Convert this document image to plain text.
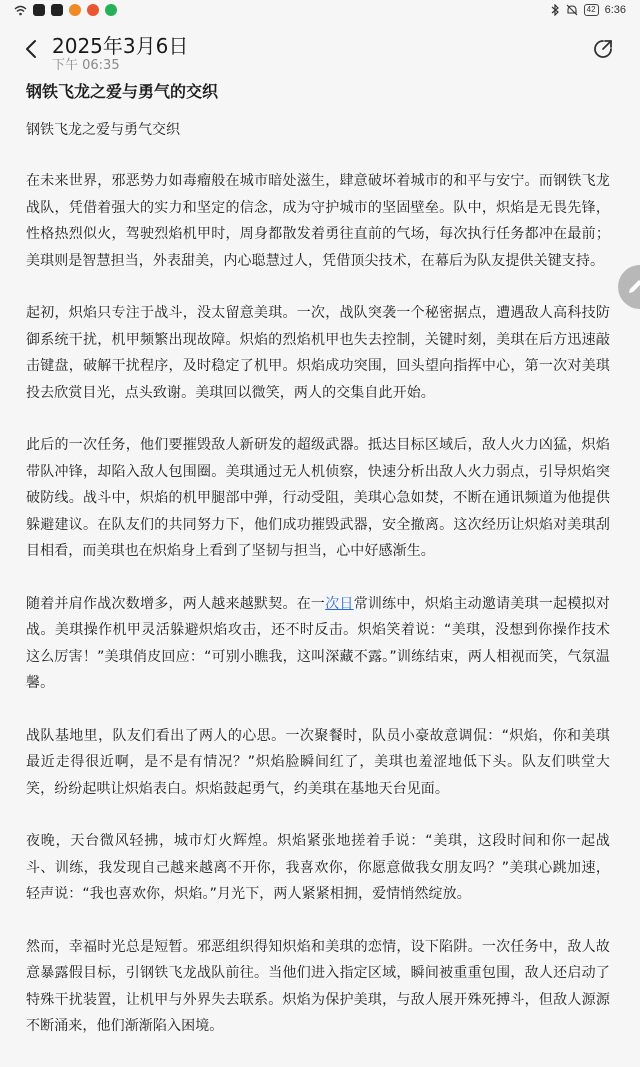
42 6:36
2025年3月6日
下午 06:35
钢铁飞龙之爱与勇气的交织
钢铁飞龙之爱与勇气交织

在未来世界，邪恶势力如毒瘤般在城市暗处滋生，肆意破坏着城市的和平与安宁。而钢铁飞龙战队，凭借着强大的实力和坚定的信念，成为守护城市的坚固壁垒。队中，炽焰是无畏先锋，性格热烈似火，驾驶烈焰机甲时，周身都散发着勇往直前的气场，每次执行任务都冲在最前；美琪则是智慧担当，外表甜美，内心聪慧过人，凭借顶尖技术，在幕后为队友提供关键支持。

起初，炽焰只专注于战斗，没太留意美琪。一次，战队突袭一个秘密据点，遭遇敌人高科技防御系统干扰，机甲频繁出现故障。炽焰的烈焰机甲也失去控制，关键时刻，美琪在后方迅速敲击键盘，破解干扰程序，及时稳定了机甲。炽焰成功突围，回头望向指挥中心，第一次对美琪投去欣赏目光，点头致谢。美琪回以微笑，两人的交集自此开始。

此后的一次任务，他们要摧毁敌人新研发的超级武器。抵达目标区域后，敌人火力凶猛，炽焰带队冲锋，却陷入敌人包围圈。美琪通过无人机侦察，快速分析出敌人火力弱点，引导炽焰突破防线。战斗中，炽焰的机甲腿部中弹，行动受阻，美琪心急如焚，不断在通讯频道为他提供躲避建议。在队友们的共同努力下，他们成功摧毁武器，安全撤离。这次经历让炽焰对美琪刮目相看，而美琪也在炽焰身上看到了坚韧与担当，心中好感渐生。

随着并肩作战次数增多，两人越来越默契。在一次日常训练中，炽焰主动邀请美琪一起模拟对战。美琪操作机甲灵活躲避炽焰攻击，还不时反击。炽焰笑着说：“美琪，没想到你操作技术这么厉害！”美琪俏皮回应：“可别小瞧我，这叫深藏不露。”训练结束，两人相视而笑，气氛温馨。

战队基地里，队友们看出了两人的心思。一次聚餐时，队员小豪故意调侃：“炽焰，你和美琪最近走得很近啊，是不是有情况？”炽焰脸瞬间红了，美琪也羞涩地低下头。队友们哄堂大笑，纷纷起哄让炽焰表白。炽焰鼓起勇气，约美琪在基地天台见面。

夜晚，天台微风轻拂，城市灯火辉煌。炽焰紧张地搓着手说：“美琪，这段时间和你一起战斗、训练，我发现自己越来越离不开你，我喜欢你，你愿意做我女朋友吗？”美琪心跳加速，轻声说：“我也喜欢你，炽焰。”月光下，两人紧紧相拥，爱情悄然绽放。

然而，幸福时光总是短暂。邪恶组织得知炽焰和美琪的恋情，设下陷阱。一次任务中，敌人故意暴露假目标，引钢铁飞龙战队前往。当他们进入指定区域，瞬间被重重包围，敌人还启动了特殊干扰装置，让机甲与外界失去联系。炽焰为保护美琪，与敌人展开殊死搏斗，但敌人源源不断涌来，他们渐渐陷入困境。
